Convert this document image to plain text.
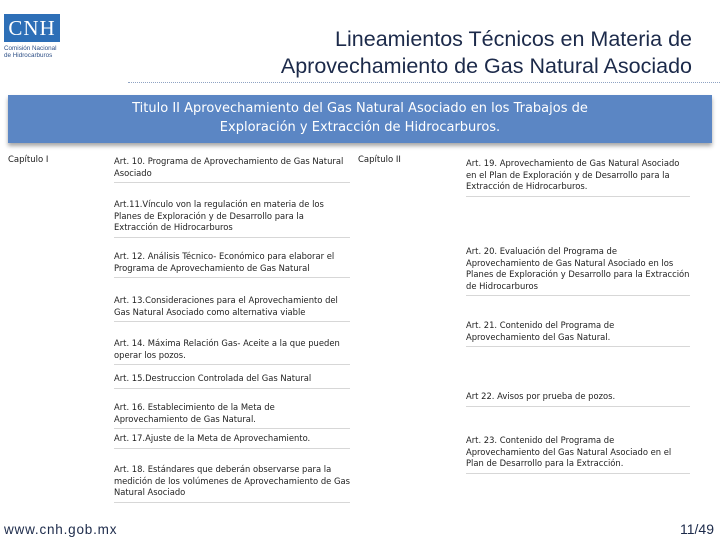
CNH
Comisión Nacional
de Hidrocarburos
Lineamientos Técnicos en Materia de
Aprovechamiento de Gas Natural Asociado
Titulo II Aprovechamiento del Gas Natural Asociado en los Trabajos de
Exploración y Extracción de Hidrocarburos.
Capítulo I	Capítulo II
Art. 10. Programa de Aprovechamiento de Gas Natural Asociado
Art.11.Vínculo von la regulación en materia de los Planes de Exploración y de Desarrollo para la Extracción de Hidrocarburos
Art. 12. Análisis Técnico- Económico para elaborar el Programa de Aprovechamiento de Gas Natural
Art. 13.Consideraciones para el Aprovechamiento del Gas Natural Asociado como alternativa viable
Art. 14. Máxima Relación Gas- Aceite a la que pueden operar los pozos.
Art. 15.Destruccion Controlada del Gas Natural
Art. 16. Establecimiento de la Meta de Aprovechamiento de Gas Natural.
Art. 17.Ajuste de la Meta de Aprovechamiento.
Art. 18. Estándares que deberán observarse para la medición de los volúmenes de Aprovechamiento de Gas Natural Asociado
Art. 19. Aprovechamiento de Gas Natural Asociado en el Plan de Exploración y de Desarrollo para la Extracción de Hidrocarburos.
Art. 20. Evaluación del Programa de Aprovechamiento de Gas Natural Asociado en los Planes de Exploración y Desarrollo para la Extracción de Hidrocarburos
Art. 21. Contenido del Programa de Aprovechamiento del Gas Natural.
Art 22. Avisos por prueba de pozos.
Art. 23. Contenido del Programa de Aprovechamiento del Gas Natural Asociado en el Plan de Desarrollo para la Extracción.
www.cnh.gob.mx	11/49
